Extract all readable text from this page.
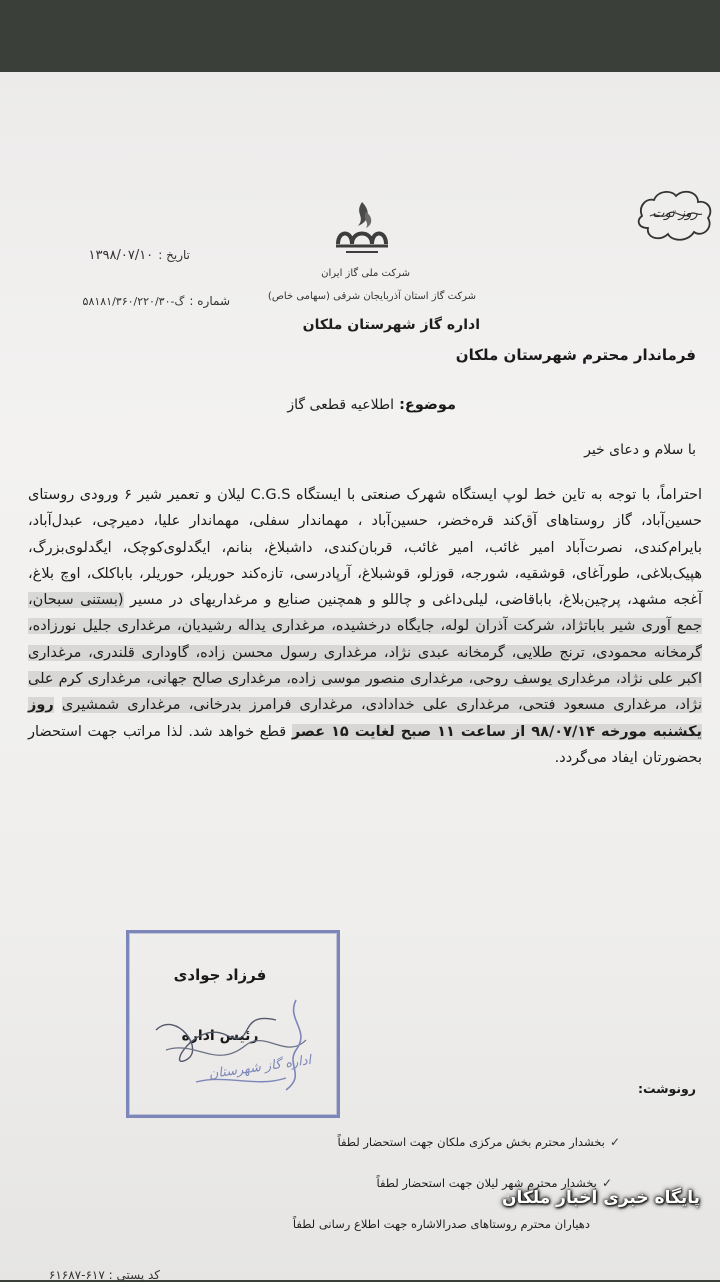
شرکت ملی گاز ایران
شرکت گاز استان آذربایجان شرقی (سهامی خاص)
تاریخ : ۱۳۹۸/۰۷/۱۰
شماره : گ-۵۸۱۸۱/۳۶۰/۲۲۰/۳۰
روز توت
اداره گاز شهرستان ملکان
فرماندار محترم شهرستان ملکان
موضوع: اطلاعیه قطعی گاز
با سلام و دعای خیر

احتراماً، با توجه به تاین خط لوپ ایستگاه شهرک صنعتی با ایستگاه C.G.S لیلان و تعمیر شیر ۶ ورودی روستای حسین‌آباد، گاز روستاهای آق‌کند قره‌خضر، حسین‌آباد ، مهماندار سفلی، مهماندار علیا، دمیرچی، عبدل‌آباد، بایرام‌کندی، نصرت‌آباد امیر غائب، امیر غائب، قربان‌کندی، داشبلاغ، بنانم، ایگدلوی‌کوچک، ایگدلوی‌بزرگ، هپیک‌بلاغی، طورآغای، قوشقیه، شورجه، قوزلو، قوشبلاغ، آرپادرسی، تازه‌کند حوریلر، حوریلر، باباکلک، اوچ بلاغ، آغجه مشهد، پرچین‌بلاغ، باباقاضی، لیلی‌داغی و چاللو و همچنین صنایع و مرغداریهای در مسیر (بستنی سبحان، جمع آوری شیر باباتژاد، شرکت آذران لوله، جایگاه درخشیده، مرغداری یداله رشیدیان، مرغداری جلیل نورزاده، گرمخانه محمودی، ترنج طلایی، گرمخانه عبدی نژاد، مرغداری رسول محسن زاده، گاوداری قلندری، مرغداری اکبر علی نژاد، مرغداری یوسف روحی، مرغداری منصور موسی زاده، مرغداری صالح جهانی، مرغداری کرم علی نژاد، مرغداری مسعود فتحی، مرغداری علی خدادادی، مرغداری فرامرز بدرخانی، مرغداری شمشیری روز یکشنبه مورخه ۹۸/۰۷/۱۴ از ساعت ۱۱ صبح لغایت ۱۵ عصر قطع خواهد شد. لذا مراتب جهت استحضار بحضورتان ایفاد می‌گردد.

فرزاد جوادی
رئیس اداره
اداره گاز شهرستان
رونوشت:
بخشدار محترم بخش مرکزی ملکان جهت استحضار لطفاً ✓
بخشدار محترم شهر لیلان جهت استحضار لطفاً ✓
دهیاران محترم روستاهای صدرالاشاره جهت اطلاع رسانی لطفاً
کد پستی : ۶۱۷-۶۱۶۸۷
پایگاه خبری اخبار ملکان
